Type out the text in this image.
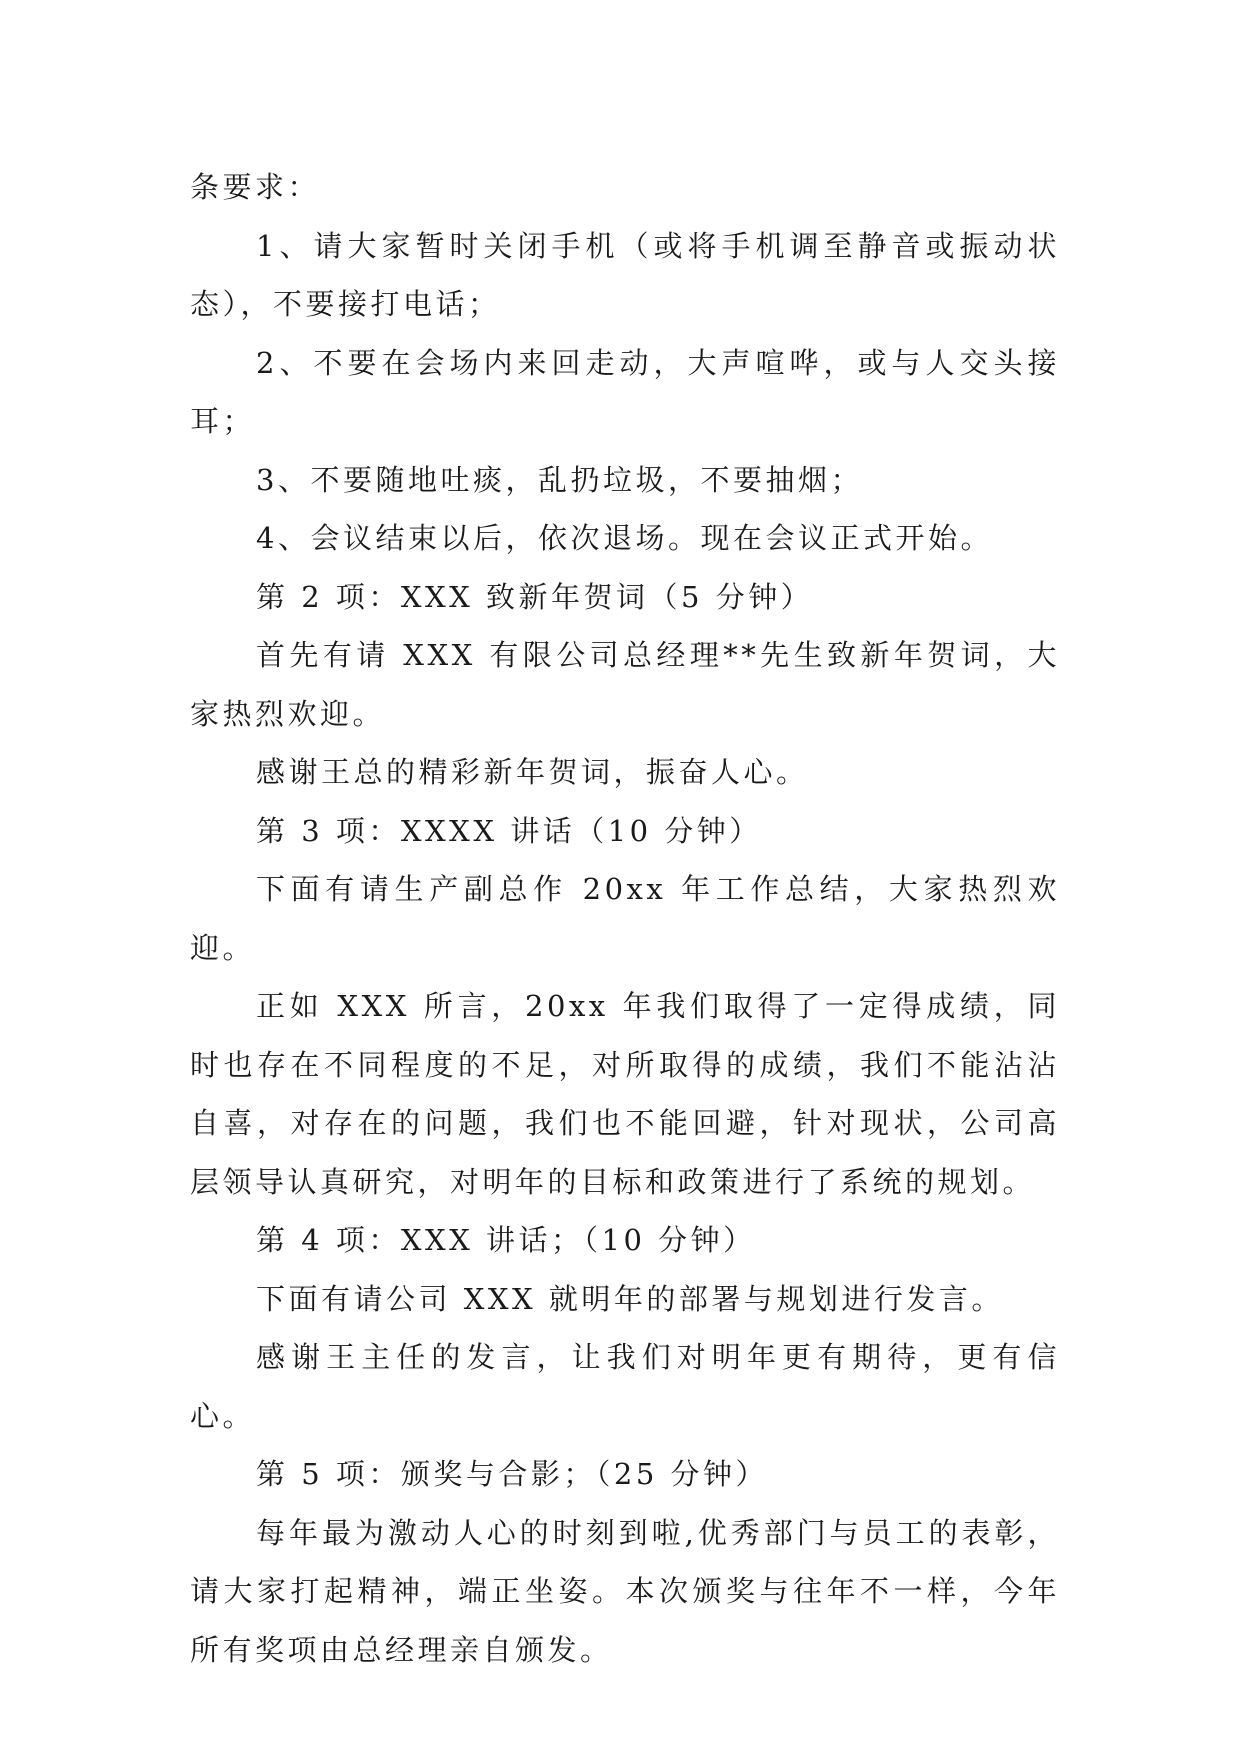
条要求：

1、请大家暂时关闭手机（或将手机调至静音或振动状态），不要接打电话；

2、不要在会场内来回走动，大声喧哗，或与人交头接耳；

3、不要随地吐痰，乱扔垃圾，不要抽烟；

4、会议结束以后，依次退场。现在会议正式开始。

第 2 项：XXX 致新年贺词（5 分钟）

首先有请 XXX 有限公司总经理**先生致新年贺词，大家热烈欢迎。

感谢王总的精彩新年贺词，振奋人心。

第 3 项：XXXX 讲话（10 分钟）

下面有请生产副总作 20xx 年工作总结，大家热烈欢迎。

正如 XXX 所言，20xx 年我们取得了一定得成绩，同时也存在不同程度的不足，对所取得的成绩，我们不能沾沾自喜，对存在的问题，我们也不能回避，针对现状，公司高层领导认真研究，对明年的目标和政策进行了系统的规划。

第 4 项：XXX 讲话；（10 分钟）

下面有请公司 XXX 就明年的部署与规划进行发言。

感谢王主任的发言，让我们对明年更有期待，更有信心。

第 5 项：颁奖与合影；（25 分钟）

每年最为激动人心的时刻到啦,优秀部门与员工的表彰，请大家打起精神，端正坐姿。本次颁奖与往年不一样，今年所有奖项由总经理亲自颁发。
